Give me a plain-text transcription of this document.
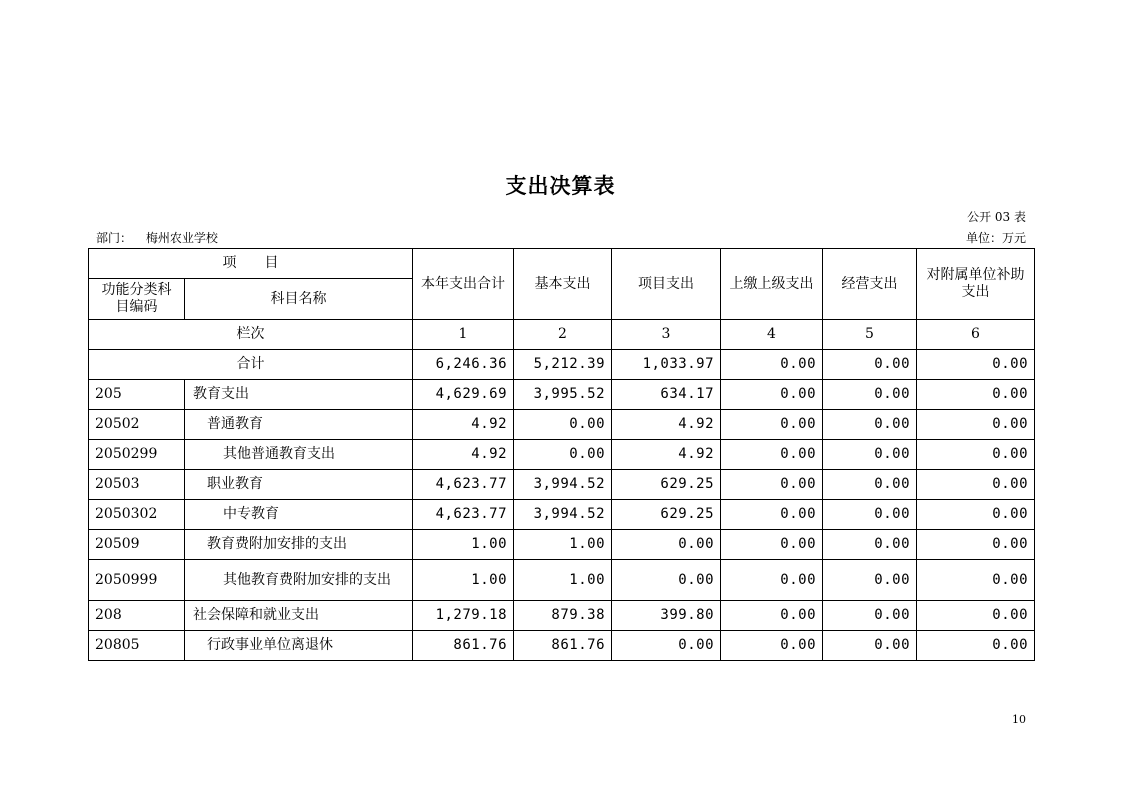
支出决算表
公开 03 表
部门： 梅州农业学校	单位：万元
项　　目		本年支出合计	基本支出	项目支出	上缴上级支出	经营支出	对附属单位补助支出
功能分类科目编码	科目名称						
栏次		1	2	3	4	5	6
合计		6,246.36	5,212.39	1,033.97	0.00	0.00	0.00
205	教育支出	4,629.69	3,995.52	634.17	0.00	0.00	0.00
20502	普通教育	4.92	0.00	4.92	0.00	0.00	0.00
2050299	其他普通教育支出	4.92	0.00	4.92	0.00	0.00	0.00
20503	职业教育	4,623.77	3,994.52	629.25	0.00	0.00	0.00
2050302	中专教育	4,623.77	3,994.52	629.25	0.00	0.00	0.00
20509	教育费附加安排的支出	1.00	1.00	0.00	0.00	0.00	0.00
2050999	其他教育费附加安排的支出	1.00	1.00	0.00	0.00	0.00	0.00
208	社会保障和就业支出	1,279.18	879.38	399.80	0.00	0.00	0.00
20805	行政事业单位离退休	861.76	861.76	0.00	0.00	0.00	0.00
10
